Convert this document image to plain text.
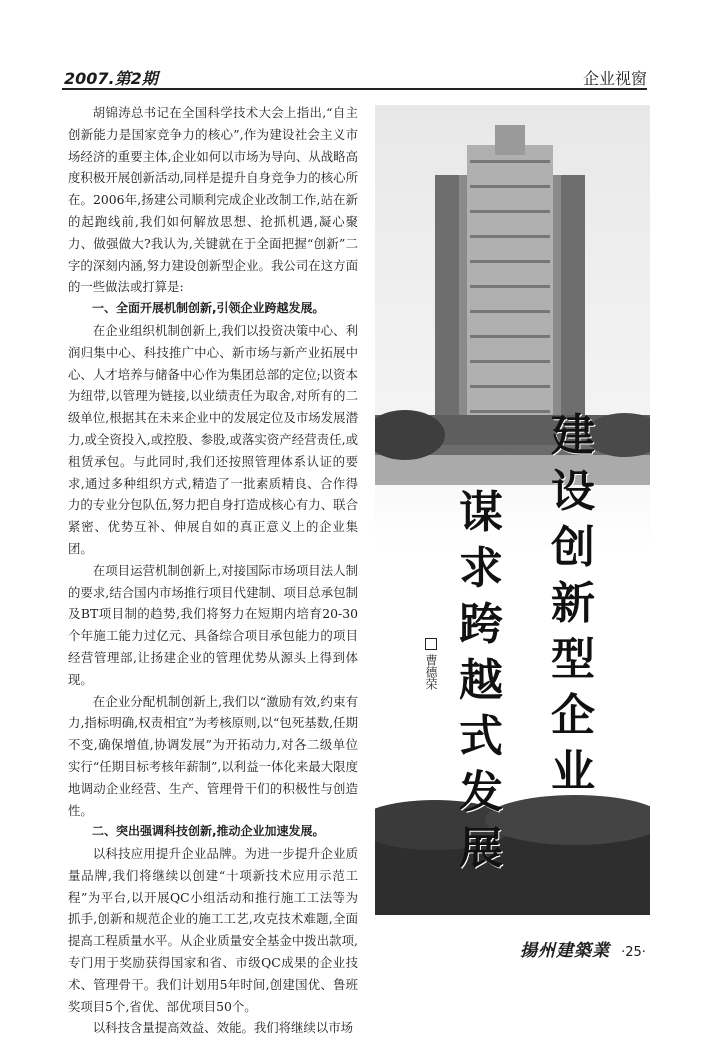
2007.第2期	企业视窗

胡锦涛总书记在全国科学技术大会上指出,“自主创新能力是国家竞争力的核心”,作为建设社会主义市场经济的重要主体,企业如何以市场为导向、从战略高度积极开展创新活动,同样是提升自身竞争力的核心所在。2006年,扬建公司顺利完成企业改制工作,站在新的起跑线前,我们如何解放思想、抢抓机遇,凝心聚力、做强做大?我认为,关键就在于全面把握“创新”二字的深刻内涵,努力建设创新型企业。我公司在这方面的一些做法或打算是:

一、全面开展机制创新,引领企业跨越发展。

在企业组织机制创新上,我们以投资决策中心、利润归集中心、科技推广中心、新市场与新产业拓展中心、人才培养与储备中心作为集团总部的定位;以资本为纽带,以管理为链接,以业绩责任为取舍,对所有的二级单位,根据其在未来企业中的发展定位及市场发展潜力,或全资投入,或控股、参股,或落实资产经营责任,或租赁承包。与此同时,我们还按照管理体系认证的要求,通过多种组织方式,精造了一批素质精良、合作得力的专业分包队伍,努力把自身打造成核心有力、联合紧密、优势互补、伸展自如的真正意义上的企业集团。

在项目运营机制创新上,对接国际市场项目法人制的要求,结合国内市场推行项目代建制、项目总承包制及BT项目制的趋势,我们将努力在短期内培育20-30个年施工能力过亿元、具备综合项目承包能力的项目经营管理部,让扬建企业的管理优势从源头上得到体现。

在企业分配机制创新上,我们以“激励有效,约束有力,指标明确,权责相宜”为考核原则,以“包死基数,任期不变,确保增值,协调发展”为开拓动力,对各二级单位实行“任期目标考核年薪制”,以利益一体化来最大限度地调动企业经营、生产、管理骨干们的积极性与创造性。

二、突出强调科技创新,推动企业加速发展。

以科技应用提升企业品牌。为进一步提升企业质量品牌,我们将继续以创建“十项新技术应用示范工程”为平台,以开展QC小组活动和推行施工工法等为抓手,创新和规范企业的施工工艺,攻克技术难题,全面提高工程质量水平。从企业质量安全基金中拨出款项,专门用于奖励获得国家和省、市级QC成果的企业技术、管理骨干。我们计划用5年时间,创建国优、鲁班奖项目5个,省优、部优项目50个。

以科技含量提高效益、效能。我们将继续以市场

建设创新型企业
谋求跨越式发展
曹德荣
揚州建築業 ·25·
